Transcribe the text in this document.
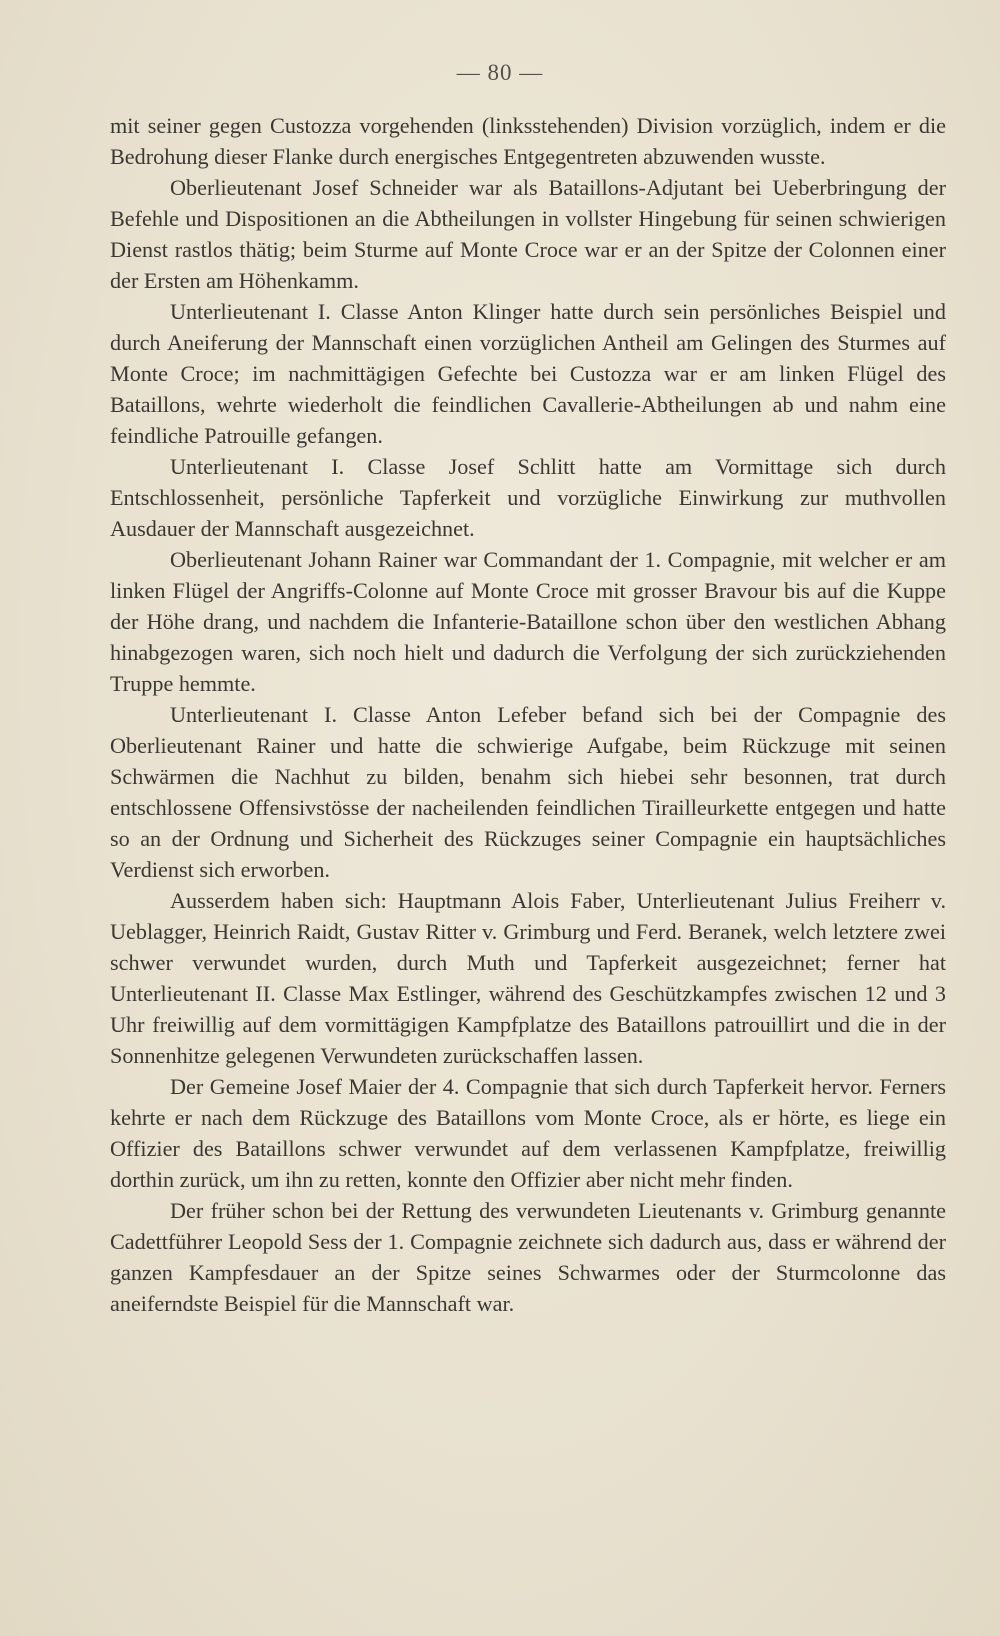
— 80 —

mit seiner gegen Custozza vorgehenden (linksstehenden) Division vorzüglich, indem er die Bedrohung dieser Flanke durch energisches Entgegentreten abzuwenden wusste.

Oberlieutenant Josef Schneider war als Bataillons-Adjutant bei Ueberbringung der Befehle und Dispositionen an die Abtheilungen in vollster Hingebung für seinen schwierigen Dienst rastlos thätig; beim Sturme auf Monte Croce war er an der Spitze der Colonnen einer der Ersten am Höhenkamm.

Unterlieutenant I. Classe Anton Klinger hatte durch sein persönliches Beispiel und durch Aneiferung der Mannschaft einen vorzüglichen Antheil am Gelingen des Sturmes auf Monte Croce; im nachmittägigen Gefechte bei Custozza war er am linken Flügel des Bataillons, wehrte wiederholt die feindlichen Cavallerie-Abtheilungen ab und nahm eine feindliche Patrouille gefangen.

Unterlieutenant I. Classe Josef Schlitt hatte am Vormittage sich durch Entschlossenheit, persönliche Tapferkeit und vorzügliche Einwirkung zur muthvollen Ausdauer der Mannschaft ausgezeichnet.

Oberlieutenant Johann Rainer war Commandant der 1. Compagnie, mit welcher er am linken Flügel der Angriffs-Colonne auf Monte Croce mit grosser Bravour bis auf die Kuppe der Höhe drang, und nachdem die Infanterie-Bataillone schon über den westlichen Abhang hinabgezogen waren, sich noch hielt und dadurch die Verfolgung der sich zurückziehenden Truppe hemmte.

Unterlieutenant I. Classe Anton Lefeber befand sich bei der Compagnie des Oberlieutenant Rainer und hatte die schwierige Aufgabe, beim Rückzuge mit seinen Schwärmen die Nachhut zu bilden, benahm sich hiebei sehr besonnen, trat durch entschlossene Offensivstösse der nacheilenden feindlichen Tirailleurkette entgegen und hatte so an der Ordnung und Sicherheit des Rückzuges seiner Compagnie ein hauptsächliches Verdienst sich erworben.

Ausserdem haben sich: Hauptmann Alois Faber, Unterlieutenant Julius Freiherr v. Ueblagger, Heinrich Raidt, Gustav Ritter v. Grimburg und Ferd. Beranek, welch letztere zwei schwer verwundet wurden, durch Muth und Tapferkeit ausgezeichnet; ferner hat Unterlieutenant II. Classe Max Estlinger, während des Geschützkampfes zwischen 12 und 3 Uhr freiwillig auf dem vormittägigen Kampfplatze des Bataillons patrouillirt und die in der Sonnenhitze gelegenen Verwundeten zurückschaffen lassen.

Der Gemeine Josef Maier der 4. Compagnie that sich durch Tapferkeit hervor. Ferners kehrte er nach dem Rückzuge des Bataillons vom Monte Croce, als er hörte, es liege ein Offizier des Bataillons schwer verwundet auf dem verlassenen Kampfplatze, freiwillig dorthin zurück, um ihn zu retten, konnte den Offizier aber nicht mehr finden.

Der früher schon bei der Rettung des verwundeten Lieutenants v. Grimburg genannte Cadettführer Leopold Sess der 1. Compagnie zeichnete sich dadurch aus, dass er während der ganzen Kampfesdauer an der Spitze seines Schwarmes oder der Sturmcolonne das aneiferndste Beispiel für die Mannschaft war.
